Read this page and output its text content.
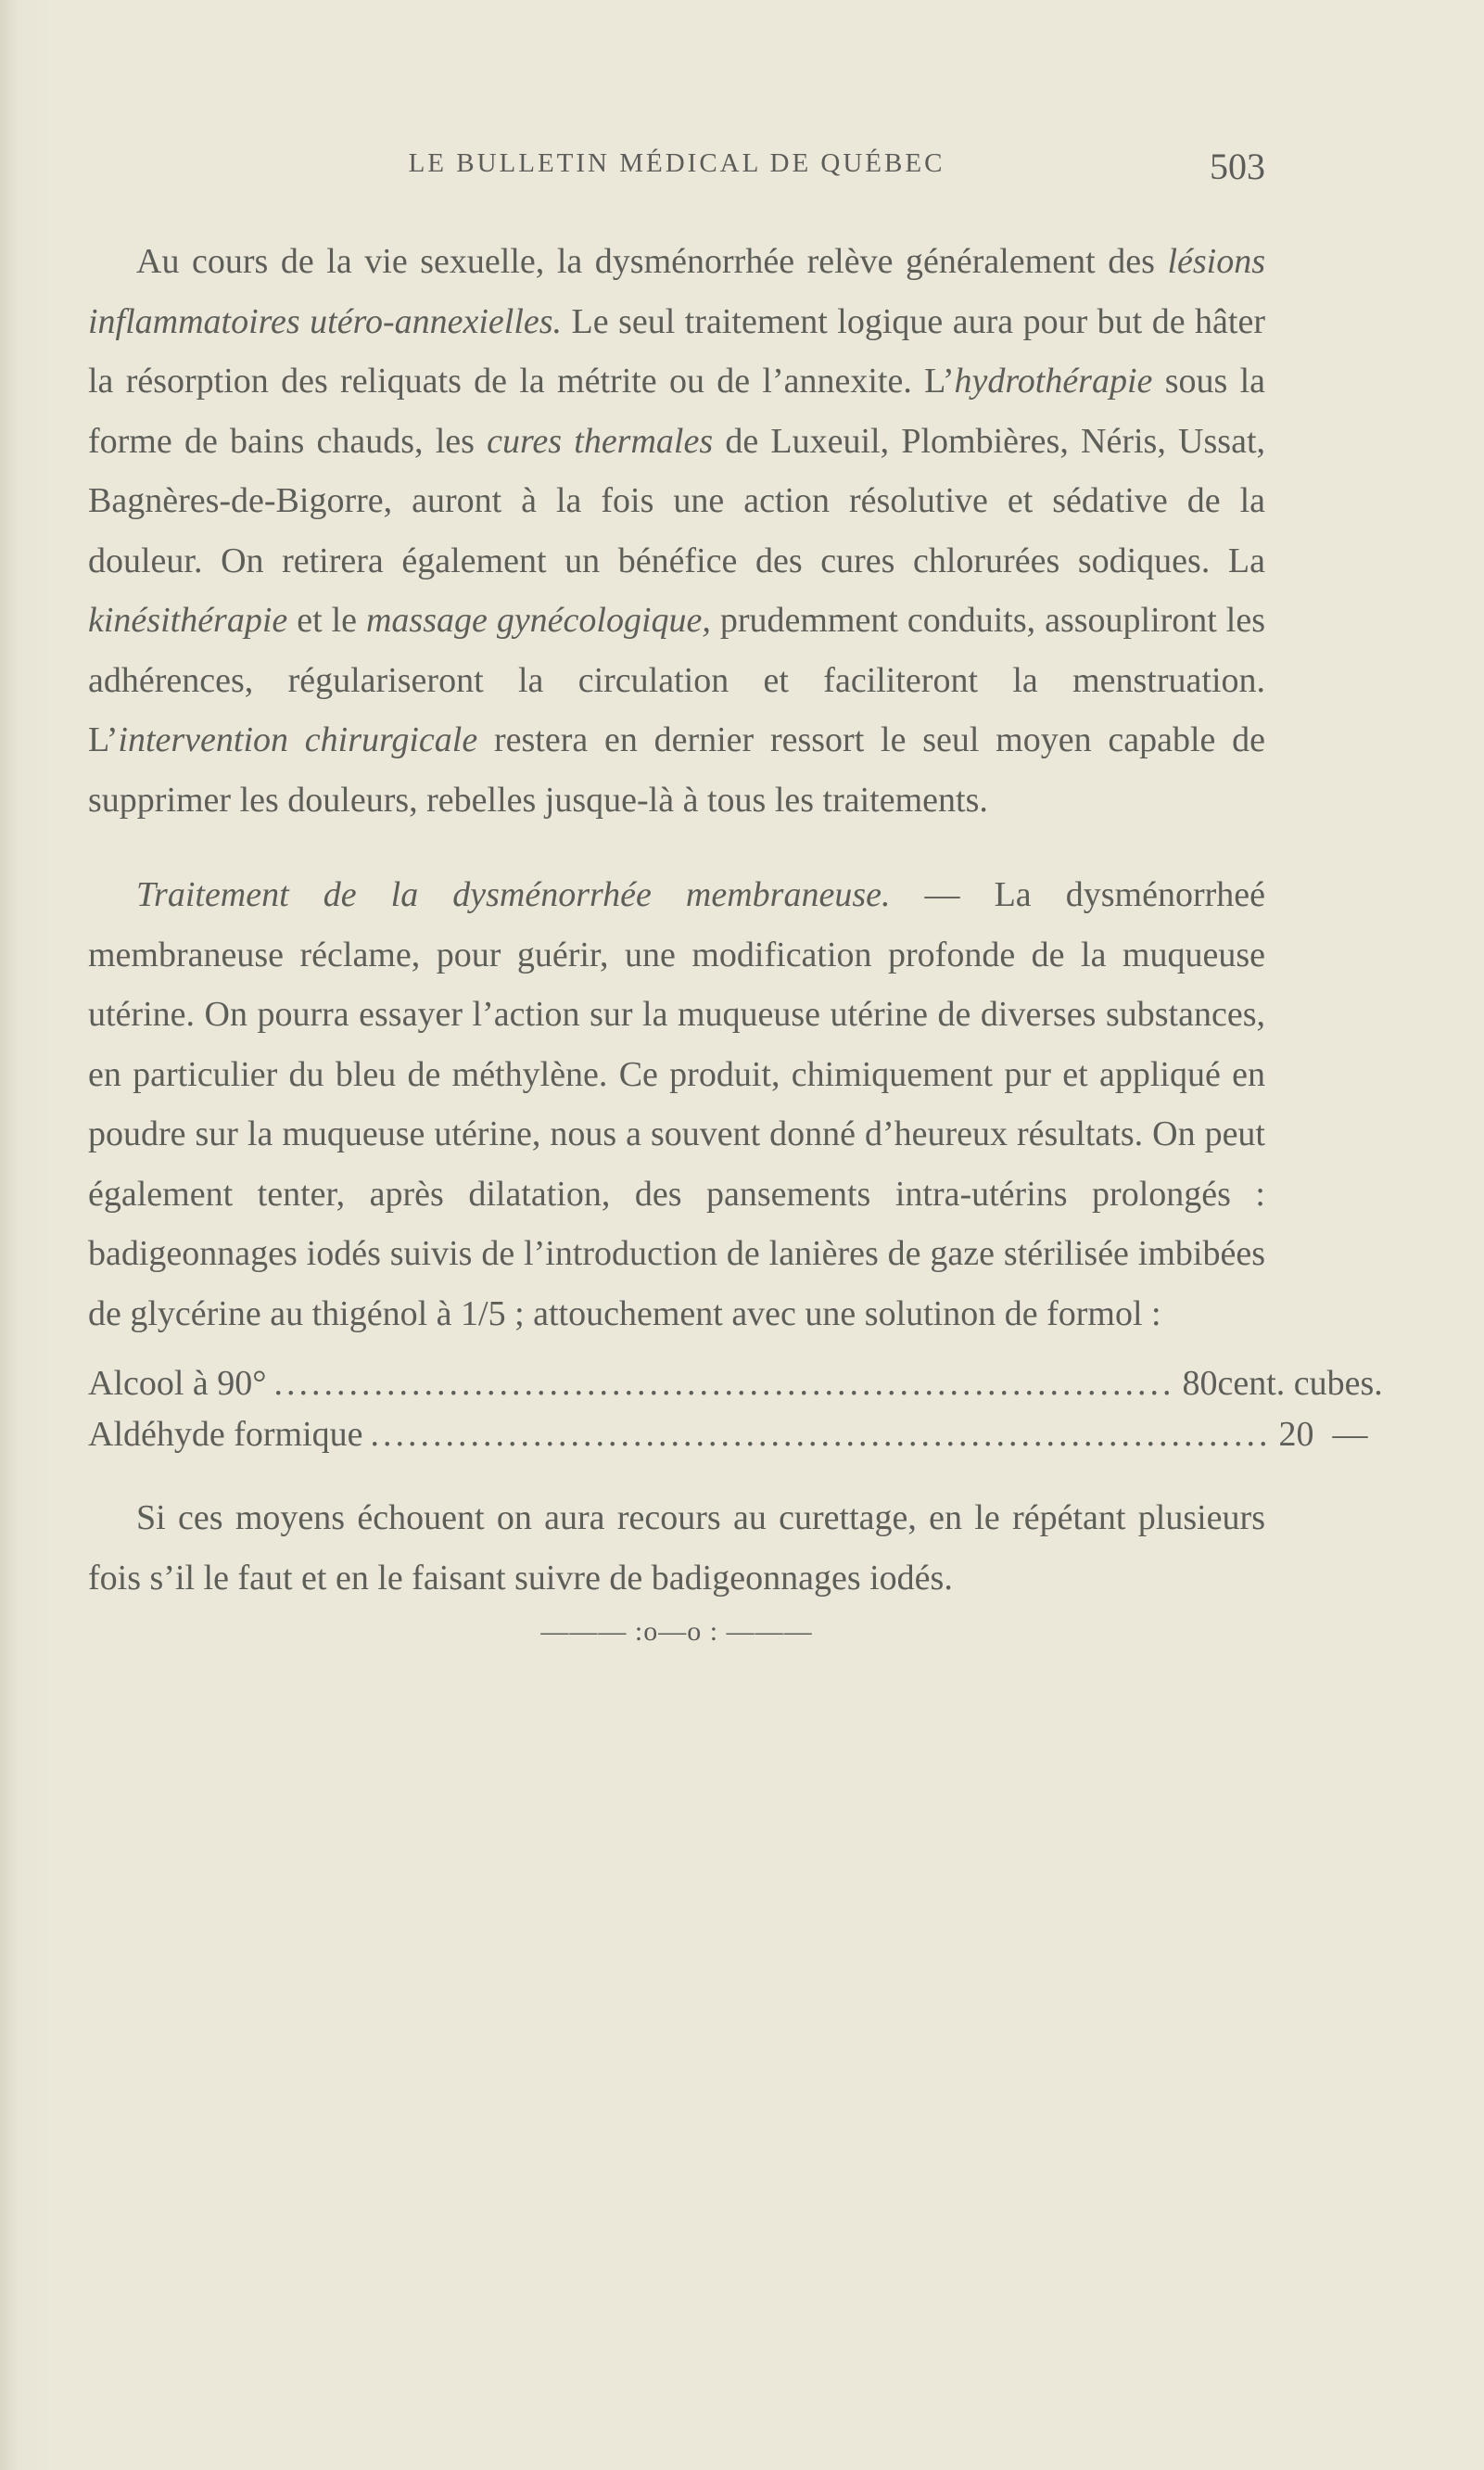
LE BULLETIN MÉDICAL DE QUÉBEC	503

Au cours de la vie sexuelle, la dysménorrhée relève généralement des lésions inflammatoires utéro-annexielles. Le seul traitement logique aura pour but de hâter la résorption des reliquats de la métrite ou de l’annexite. L’hydrothérapie sous la forme de bains chauds, les cures thermales de Luxeuil, Plombières, Néris, Ussat, Bagnères-de-Bigorre, auront à la fois une action résolutive et sédative de la douleur. On retirera également un bénéfice des cures chlorurées sodiques. La kinésithérapie et le massage gynécologique, prudemment conduits, assoupliront les adhérences, régulariseront la circulation et faciliteront la menstruation. L’intervention chirurgicale restera en dernier ressort le seul moyen capable de supprimer les douleurs, rebelles jusque-là à tous les traitements.

Traitement de la dysménorrhée membraneuse. — La dysménorrheé membraneuse réclame, pour guérir, une modification profonde de la muqueuse utérine. On pourra essayer l’action sur la muqueuse utérine de diverses substances, en particulier du bleu de méthylène. Ce produit, chimiquement pur et appliqué en poudre sur la muqueuse utérine, nous a souvent donné d’heureux résultats. On peut également tenter, après dilatation, des pansements intra-utérins prolongés : badigeonnages iodés suivis de l’introduction de lanières de gaze stérilisée imbibées de glycérine au thigénol à 1/5 ; attouchement avec une solutinon de formol :

Alcool à 90° ........................................................................ 80 cent. cubes.
Aldéhyde formique ........................................................................ 20 —

Si ces moyens échouent on aura recours au curettage, en le répétant plusieurs fois s’il le faut et en le faisant suivre de badigeonnages iodés.

——— :o—o : ———
